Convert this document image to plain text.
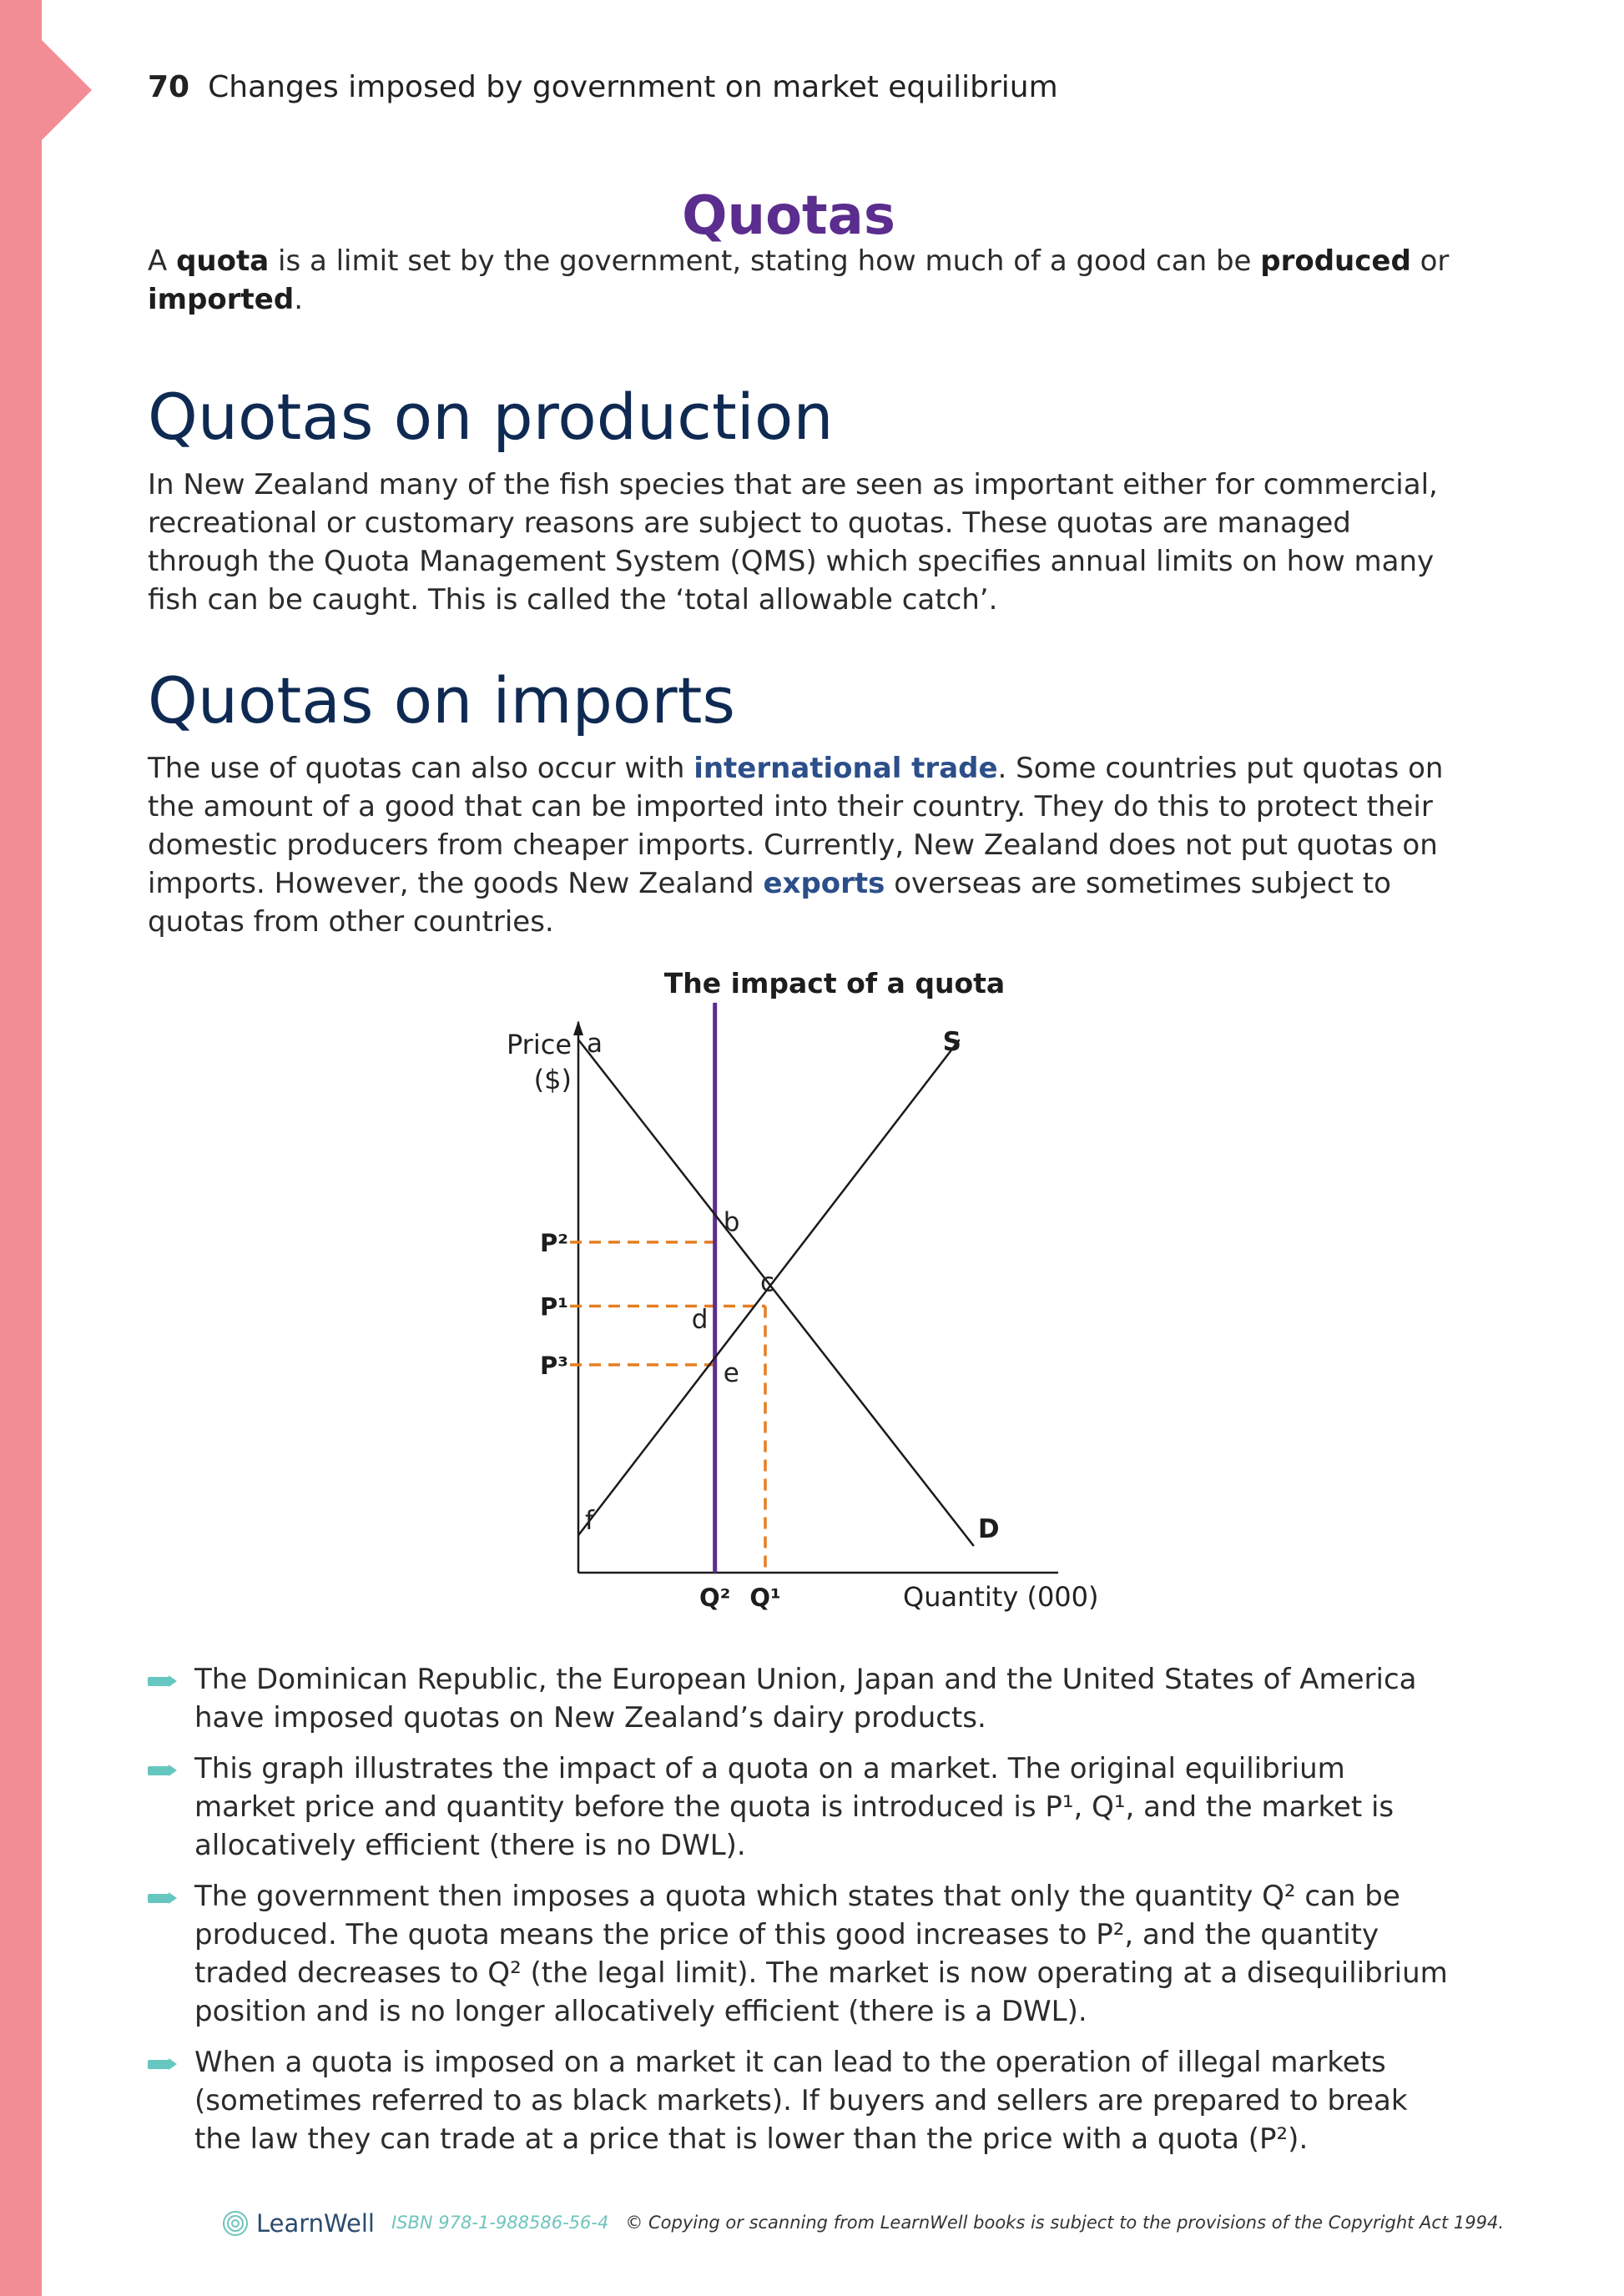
70 Changes imposed by government on market equilibrium
Quotas

A quota is a limit set by the government, stating how much of a good can be produced or imported.

Quotas on production

In New Zealand many of the fish species that are seen as important either for commercial, recreational or customary reasons are subject to quotas. These quotas are managed through the Quota Management System (QMS) which specifies annual limits on how many fish can be caught. This is called the ‘total allowable catch’.

Quotas on imports

The use of quotas can also occur with international trade. Some countries put quotas on the amount of a good that can be imported into their country. They do this to protect their domestic producers from cheaper imports. Currently, New Zealand does not put quotas on imports. However, the goods New Zealand exports overseas are sometimes subject to quotas from other countries.

The impact of a quota
Price
($)
P²
P¹
P³
S
D
a
b
c
d
e
f
Q² Q¹	Quantity (000)
The Dominican Republic, the European Union, Japan and the United States of America have imposed quotas on New Zealand’s dairy products.
This graph illustrates the impact of a quota on a market. The original equilibrium market price and quantity before the quota is introduced is P¹, Q¹, and the market is allocatively efficient (there is no DWL).
The government then imposes a quota which states that only the quantity Q² can be produced. The quota means the price of this good increases to P², and the quantity traded decreases to Q² (the legal limit). The market is now operating at a disequilibrium position and is no longer allocatively efficient (there is a DWL).
When a quota is imposed on a market it can lead to the operation of illegal markets (sometimes referred to as black markets). If buyers and sellers are prepared to break the law they can trade at a price that is lower than the price with a quota (P²).
LearnWell ISBN 978-1-988586-56-4 © Copying or scanning from LearnWell books is subject to the provisions of the Copyright Act 1994.
